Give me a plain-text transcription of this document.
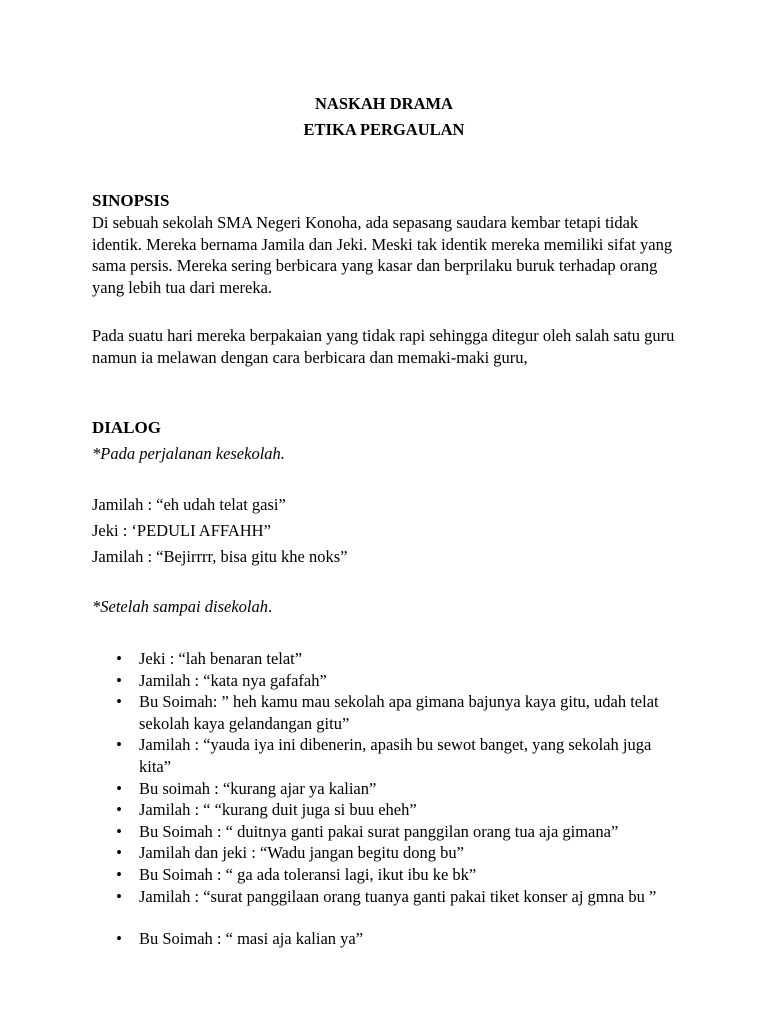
NASKAH DRAMA
ETIKA PERGAULAN
SINOPSIS

Di sebuah sekolah SMA Negeri Konoha, ada sepasang saudara kembar tetapi tidak identik. Mereka bernama Jamila dan Jeki. Meski tak identik mereka memiliki sifat yang sama persis. Mereka sering berbicara yang kasar dan berprilaku buruk terhadap orang yang lebih tua dari mereka.

Pada suatu hari mereka berpakaian yang tidak rapi sehingga ditegur oleh salah satu guru namun ia melawan dengan cara berbicara dan memaki-maki guru,

DIALOG
*Pada perjalanan kesekolah.
Jamilah : “eh udah telat gasi”
Jeki : ‘PEDULI AFFAHH”
Jamilah : “Bejirrrr, bisa gitu khe noks”
*Setelah sampai disekolah.
• Jeki : “lah benaran telat”
• Jamilah : “kata nya gafafah”
• Bu Soimah: ” heh kamu mau sekolah apa gimana bajunya kaya gitu, udah telat sekolah kaya gelandangan gitu”
• Jamilah : “yauda iya ini dibenerin, apasih bu sewot banget, yang sekolah juga kita”
• Bu soimah : “kurang ajar ya kalian”
• Jamilah : “ “kurang duit juga si buu eheh”
• Bu Soimah : “ duitnya ganti pakai surat panggilan orang tua aja gimana”
• Jamilah dan jeki : “Wadu jangan begitu dong bu”
• Bu Soimah : “ ga ada toleransi lagi, ikut ibu ke bk”
• Jamilah : “surat panggilaan orang tuanya ganti pakai tiket konser aj gmna bu ”
• Bu Soimah : “ masi aja kalian ya”
